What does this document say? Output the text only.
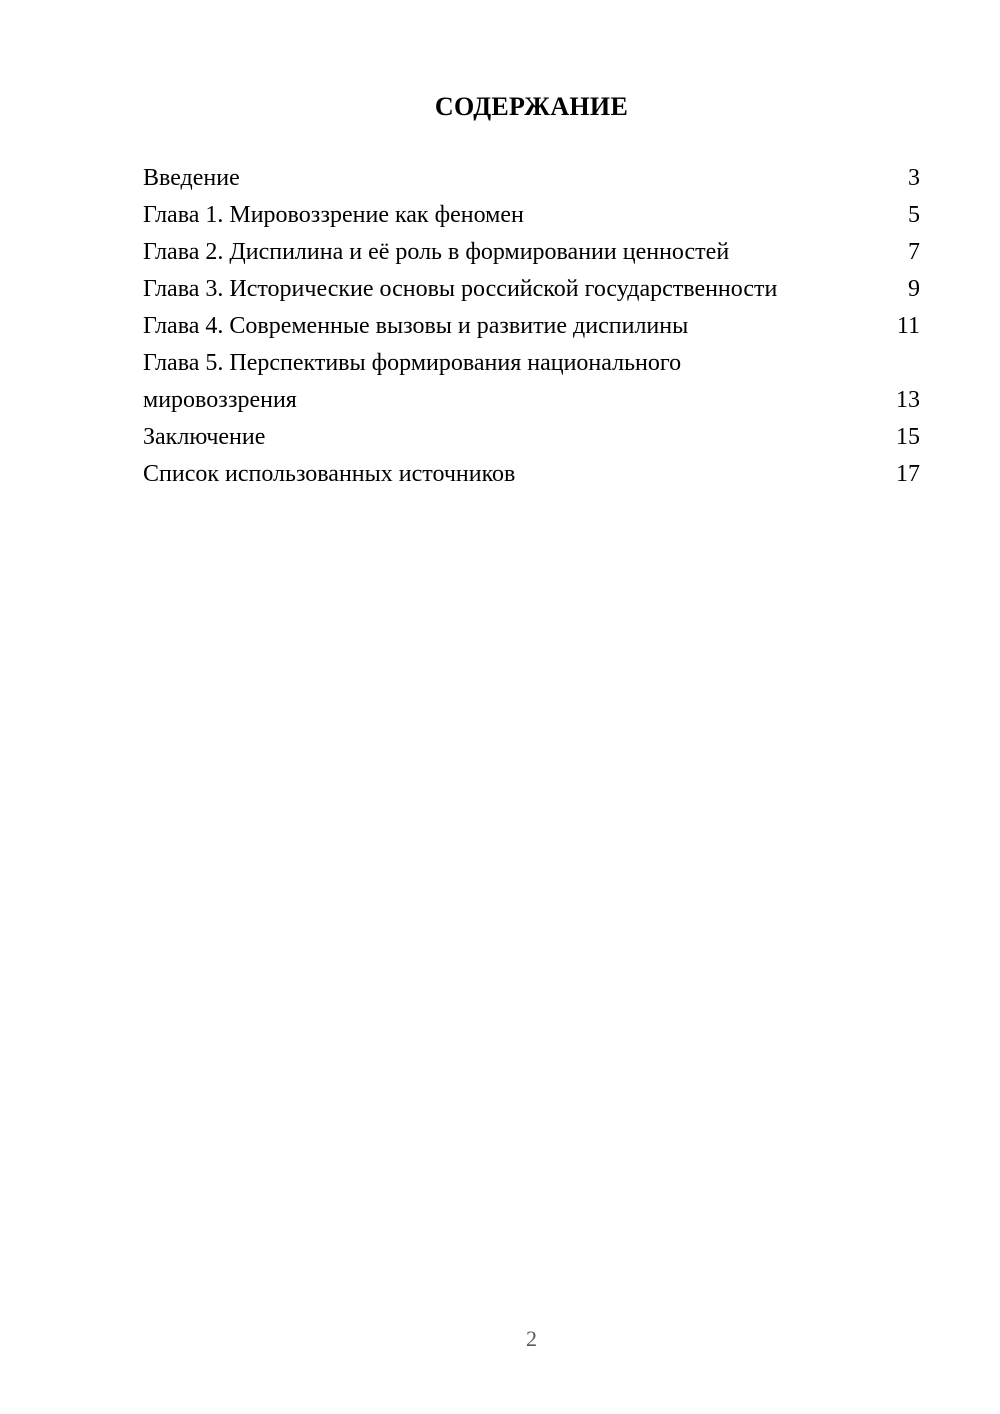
СОДЕРЖАНИЕ
Введение	3
Глава 1. Мировоззрение как феномен	5
Глава 2. Диспилина и её роль в формировании ценностей	7
Глава 3. Исторические основы российской государственности	9
Глава 4. Современные вызовы и развитие диспилины	11
Глава 5. Перспективы формирования национального
мировоззрения	13
Заключение	15
Список использованных источников	17
2
